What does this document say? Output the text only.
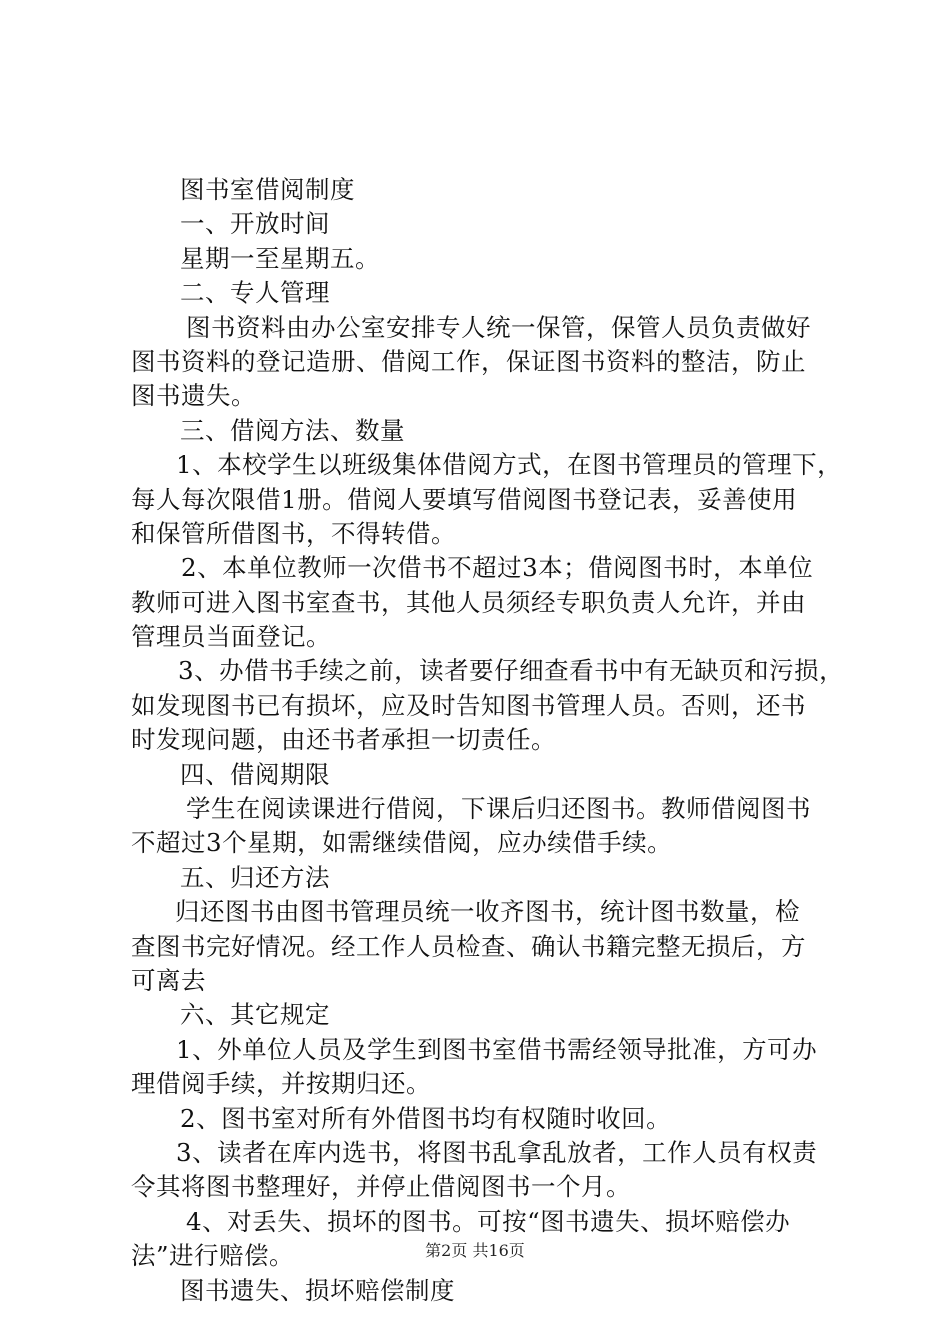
图书室借阅制度
一、开放时间
星期一至星期五。
二、专人管理
图书资料由办公室安排专人统一保管，保管人员负责做好
图书资料的登记造册、借阅工作，保证图书资料的整洁，防止
图书遗失。
三、借阅方法、数量
1、本校学生以班级集体借阅方式，在图书管理员的管理下，
每人每次限借1册。借阅人要填写借阅图书登记表，妥善使用
和保管所借图书，不得转借。
2、本单位教师一次借书不超过3本；借阅图书时，本单位
教师可进入图书室查书，其他人员须经专职负责人允许，并由
管理员当面登记。
3、办借书手续之前，读者要仔细查看书中有无缺页和污损，
如发现图书已有损坏，应及时告知图书管理人员。否则，还书
时发现问题，由还书者承担一切责任。
四、借阅期限
学生在阅读课进行借阅，下课后归还图书。教师借阅图书
不超过3个星期，如需继续借阅，应办续借手续。
五、归还方法
归还图书由图书管理员统一收齐图书，统计图书数量，检
查图书完好情况。经工作人员检查、确认书籍完整无损后，方
可离去
六、其它规定
1、外单位人员及学生到图书室借书需经领导批准，方可办
理借阅手续，并按期归还。
2、图书室对所有外借图书均有权随时收回。
3、读者在库内选书，将图书乱拿乱放者，工作人员有权责
令其将图书整理好，并停止借阅图书一个月。
4、对丢失、损坏的图书。可按“图书遗失、损坏赔偿办
法”进行赔偿。
图书遗失、损坏赔偿制度
第2页 共16页
